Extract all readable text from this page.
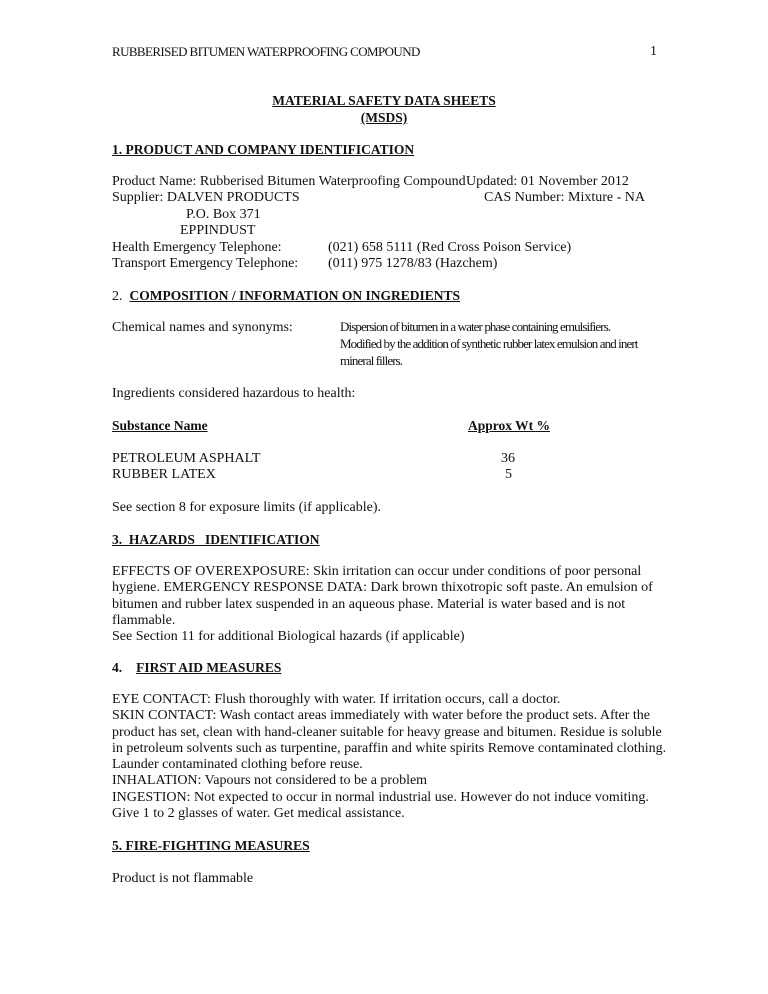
RUBBERISED BITUMEN WATERPROOFING COMPOUND	1
MATERIAL SAFETY DATA SHEETS
(MSDS)
1. PRODUCT AND COMPANY IDENTIFICATION
Product Name: Rubberised Bitumen Waterproofing Compound Updated: 01 November 2012
Supplier: DALVEN PRODUCTS	CAS Number: Mixture - NA
P.O. Box 371
EPPINDUST
Health Emergency Telephone:	(021) 658 5111 (Red Cross Poison Service)
Transport Emergency Telephone: (011) 975 1278/83 (Hazchem)
2. COMPOSITION / INFORMATION ON INGREDIENTS
Chemical names and synonyms:	Dispersion of bitumen in a water phase containing emulsifiers. Modified by the addition of synthetic rubber latex emulsion and inert mineral fillers.
Ingredients considered hazardous to health:
Substance Name	Approx Wt %
PETROLEUM ASPHALT	36
RUBBER LATEX	5
See section 8 for exposure limits (if applicable).
3.  HAZARDS   IDENTIFICATION

EFFECTS OF OVEREXPOSURE: Skin irritation can occur under conditions of poor personal hygiene. EMERGENCY RESPONSE DATA: Dark brown thixotropic soft paste. An emulsion of bitumen and rubber latex suspended in an aqueous phase. Material is water based and is not flammable.

See Section 11 for additional Biological hazards (if applicable)

4. FIRST AID MEASURES

EYE CONTACT: Flush thoroughly with water. If irritation occurs, call a doctor.

SKIN CONTACT: Wash contact areas immediately with water before the product sets. After the product has set, clean with hand-cleaner suitable for heavy grease and bitumen. Residue is soluble in petroleum solvents such as turpentine, paraffin and white spirits Remove contaminated clothing. Launder contaminated clothing before reuse.

INHALATION: Vapours not considered to be a problem

INGESTION: Not expected to occur in normal industrial use. However do not induce vomiting. Give 1 to 2 glasses of water. Get medical assistance.

5. FIRE-FIGHTING MEASURES
Product is not flammable
